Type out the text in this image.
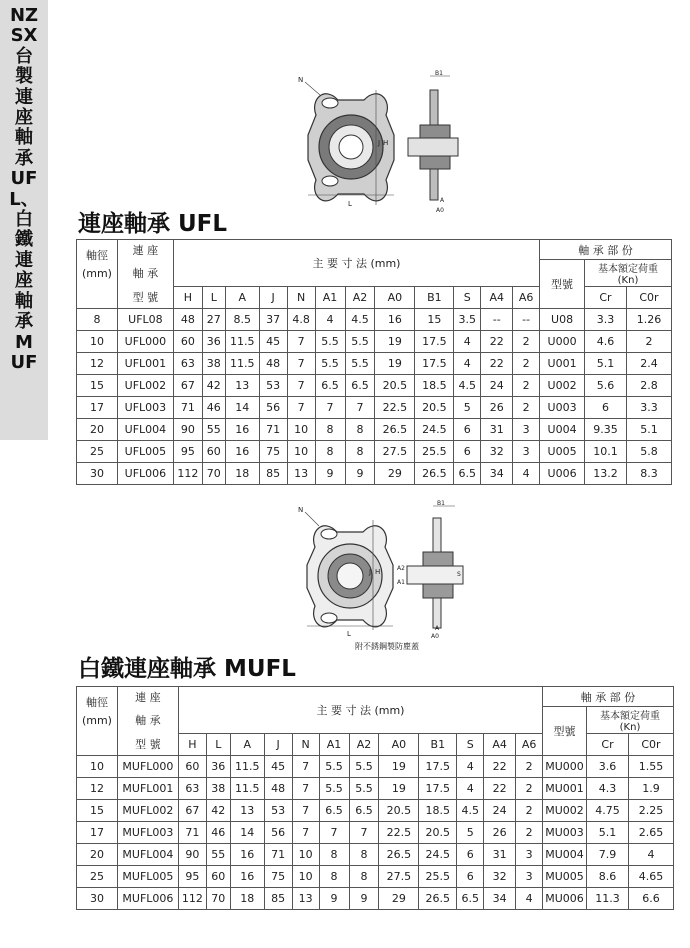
NZSX台製連座軸承UFL、白鐵連座軸承MUF
L
J H
N
B1
A
A0
連座軸承 UFL
軸徑
(mm)	連 座	主 要 寸 法 (mm)												軸 承 部 份		
	軸 承													型號	基本額定荷重
(Kn)	

	型 號	H	L	A	J	N	A1	A2	A0	B1	S	A4	A6		Cr	C0r
8	UFL08	48	27	8.5	37	4.8	4	4.5	16	15	3.5	--	--	U08	3.3	1.26
10	UFL000	60	36	11.5	45	7	5.5	5.5	19	17.5	4	22	2	U000	4.6	2
12	UFL001	63	38	11.5	48	7	5.5	5.5	19	17.5	4	22	2	U001	5.1	2.4
15	UFL002	67	42	13	53	7	6.5	6.5	20.5	18.5	4.5	24	2	U002	5.6	2.8
17	UFL003	71	46	14	56	7	7	7	22.5	20.5	5	26	2	U003	6	3.3
20	UFL004	90	55	16	71	10	8	8	26.5	24.5	6	31	3	U004	9.35	5.1
25	UFL005	95	60	16	75	10	8	8	27.5	25.5	6	32	3	U005	10.1	5.8
30	UFL006	112	70	18	85	13	9	9	29	26.5	6.5	34	4	U006	13.2	8.3
L
J H
N
B1
A2
A1
S
A
A0
附不銹鋼製防塵蓋
白鐵連座軸承 MUFL
軸徑
(mm)	連 座	主 要 寸 法 (mm)												軸 承 部 份		
	軸 承													型號	基本額定荷重
(Kn)	

	型 號	H	L	A	J	N	A1	A2	A0	B1	S	A4	A6		Cr	C0r
10	MUFL000	60	36	11.5	45	7	5.5	5.5	19	17.5	4	22	2	MU000	3.6	1.55
12	MUFL001	63	38	11.5	48	7	5.5	5.5	19	17.5	4	22	2	MU001	4.3	1.9
15	MUFL002	67	42	13	53	7	6.5	6.5	20.5	18.5	4.5	24	2	MU002	4.75	2.25
17	MUFL003	71	46	14	56	7	7	7	22.5	20.5	5	26	2	MU003	5.1	2.65
20	MUFL004	90	55	16	71	10	8	8	26.5	24.5	6	31	3	MU004	7.9	4
25	MUFL005	95	60	16	75	10	8	8	27.5	25.5	6	32	3	MU005	8.6	4.65
30	MUFL006	112	70	18	85	13	9	9	29	26.5	6.5	34	4	MU006	11.3	6.6
